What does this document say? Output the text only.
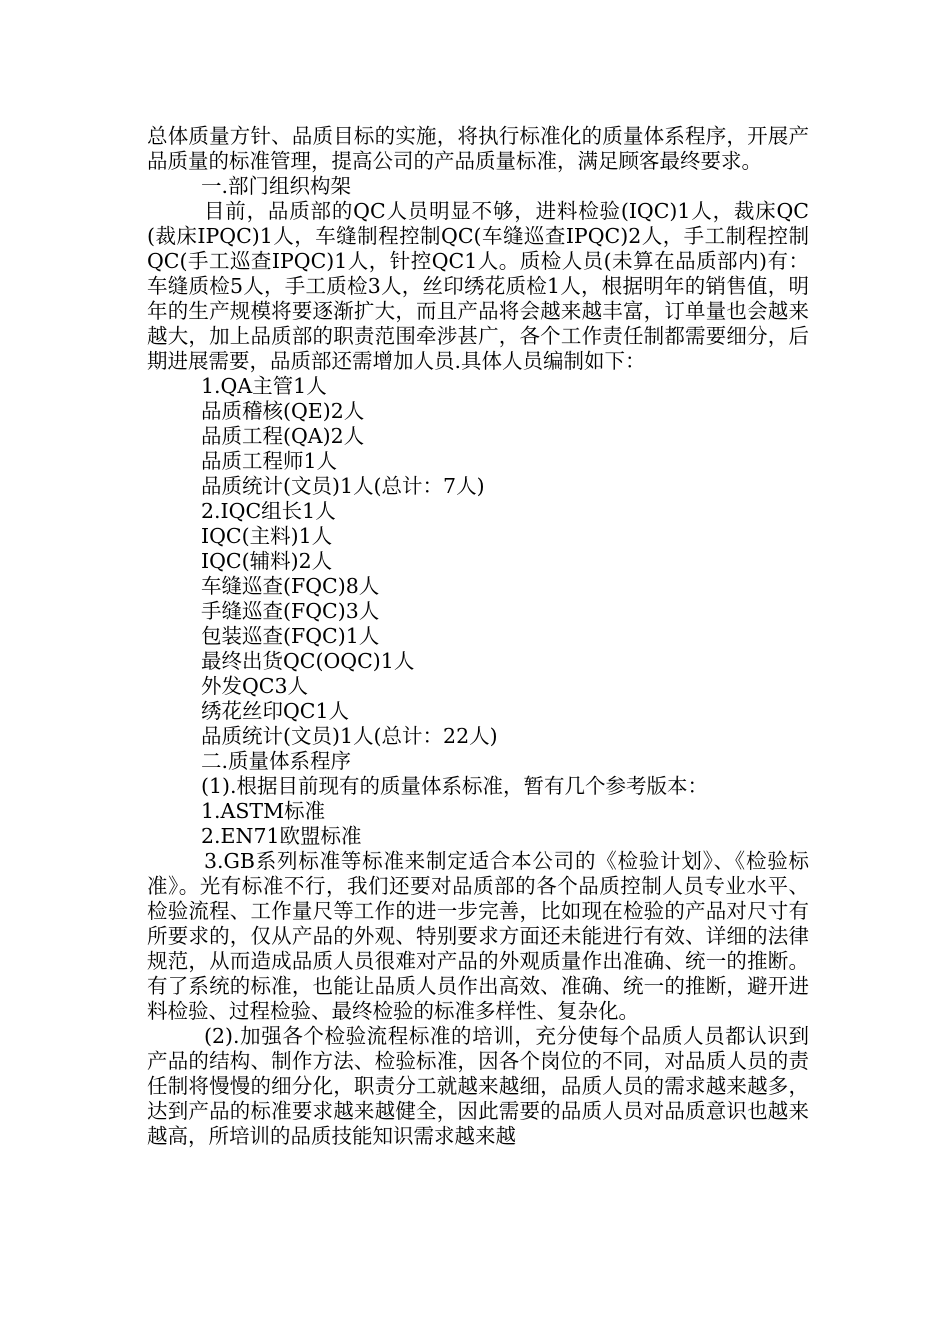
总体质量方针、品质目标的实施，将执行标准化的质量体系程序，开展产品质量的标准管理，提高公司的产品质量标准，满足顾客最终要求。

一.部门组织构架

目前，品质部的QC人员明显不够，进料检验(IQC)1人，裁床QC(裁床IPQC)1人，车缝制程控制QC(车缝巡查IPQC)2人，手工制程控制QC(手工巡查IPQC)1人，针控QC1人。质检人员(未算在品质部内)有：车缝质检5人，手工质检3人，丝印绣花质检1人，根据明年的销售值，明年的生产规模将要逐渐扩大，而且产品将会越来越丰富，订单量也会越来越大，加上品质部的职责范围牵涉甚广，各个工作责任制都需要细分，后期进展需要，品质部还需增加人员.具体人员编制如下：

1.QA主管1人

品质稽核(QE)2人

品质工程(QA)2人

品质工程师1人

品质统计(文员)1人(总计：7人)

2.IQC组长1人

IQC(主料)1人

IQC(辅料)2人

车缝巡查(FQC)8人

手缝巡查(FQC)3人

包装巡查(FQC)1人

最终出货QC(OQC)1人

外发QC3人

绣花丝印QC1人

品质统计(文员)1人(总计：22人)

二.质量体系程序

(1).根据目前现有的质量体系标准，暂有几个参考版本：

1.ASTM标准

2.EN71欧盟标准

3.GB系列标准等标准来制定适合本公司的《检验计划》、《检验标准》。光有标准不行，我们还要对品质部的各个品质控制人员专业水平、检验流程、工作量尺等工作的进一步完善，比如现在检验的产品对尺寸有所要求的，仅从产品的外观、特别要求方面还未能进行有效、详细的法律规范，从而造成品质人员很难对产品的外观质量作出准确、统一的推断。有了系统的标准，也能让品质人员作出高效、准确、统一的推断，避开进料检验、过程检验、最终检验的标准多样性、复杂化。

(2).加强各个检验流程标准的培训，充分使每个品质人员都认识到产品的结构、制作方法、检验标准，因各个岗位的不同，对品质人员的责任制将慢慢的细分化，职责分工就越来越细，品质人员的需求越来越多，达到产品的标准要求越来越健全，因此需要的品质人员对品质意识也越来越高，所培训的品质技能知识需求越来越
